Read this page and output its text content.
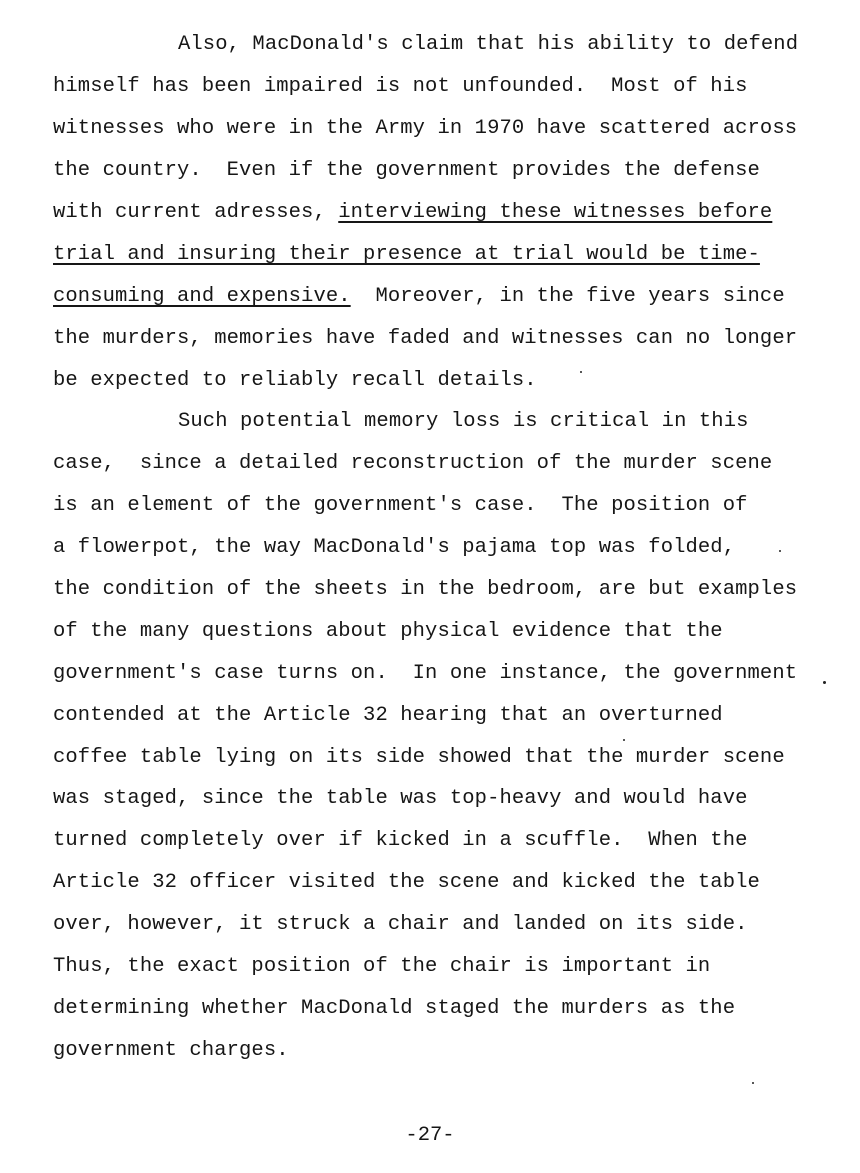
Also, MacDonald's claim that his ability to defend
himself has been impaired is not unfounded.  Most of his
witnesses who were in the Army in 1970 have scattered across
the country.  Even if the government provides the defense
with current adresses, interviewing these witnesses before
trial and insuring their presence at trial would be time-
consuming and expensive.  Moreover, in the five years since
the murders, memories have faded and witnesses can no longer
be expected to reliably recall details.
Such potential memory loss is critical in this
case,  since a detailed reconstruction of the murder scene
is an element of the government's case.  The position of
a flowerpot, the way MacDonald's pajama top was folded,
the condition of the sheets in the bedroom, are but examples
of the many questions about physical evidence that the
government's case turns on.  In one instance, the government
contended at the Article 32 hearing that an overturned
coffee table lying on its side showed that the murder scene
was staged, since the table was top-heavy and would have
turned completely over if kicked in a scuffle.  When the
Article 32 officer visited the scene and kicked the table
over, however, it struck a chair and landed on its side.
Thus, the exact position of the chair is important in
determining whether MacDonald staged the murders as the
government charges.
-27-
